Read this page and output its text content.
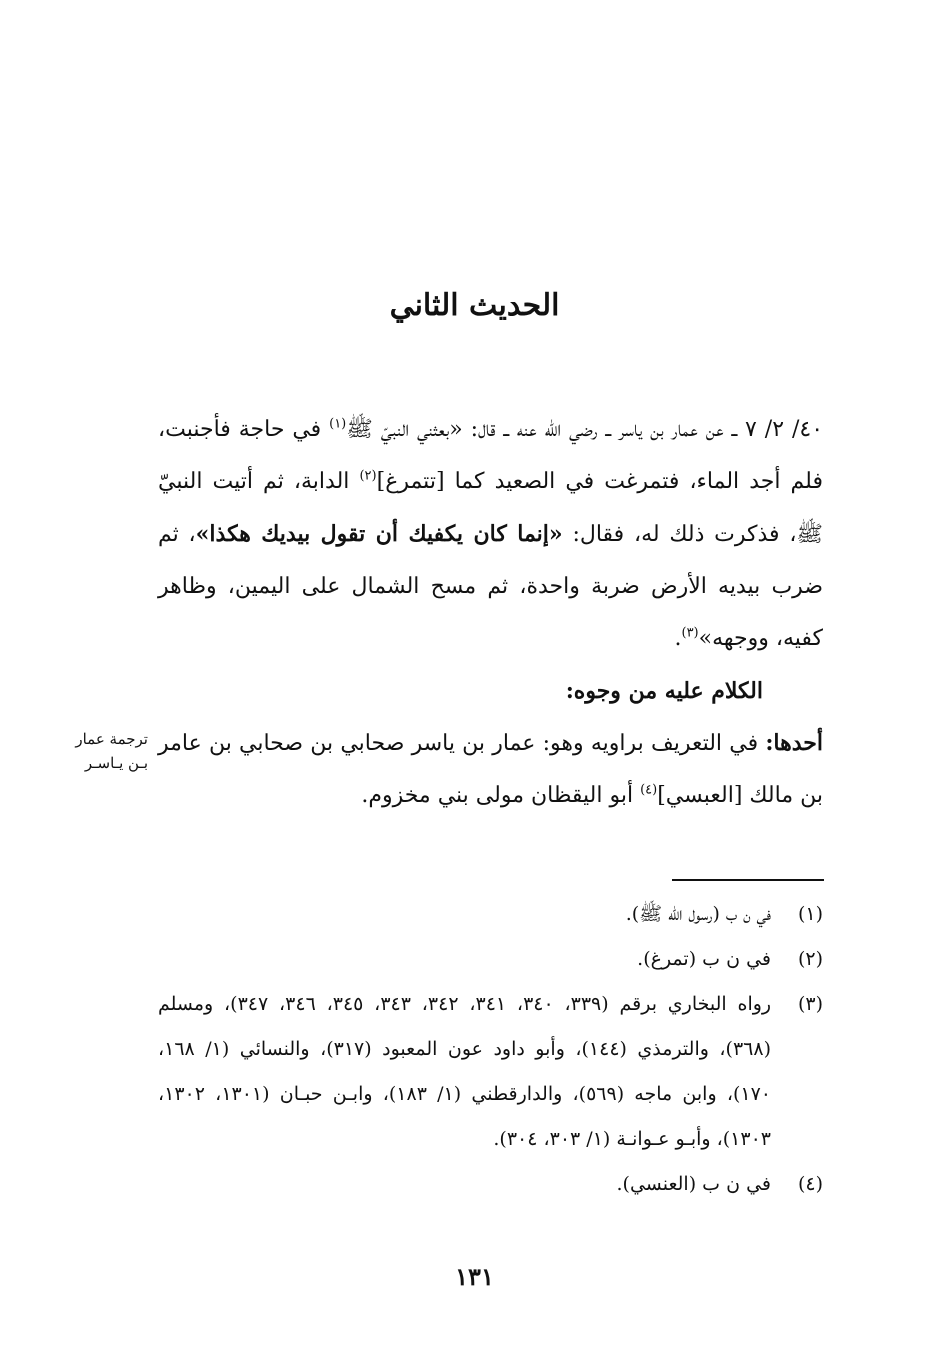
الحديث الثاني

٤٠/ ٢/ ٧ ــ عن عمار بن ياسر ــ رضي الله عنه ــ قال: «بعثني النبيّ ﷺ$^{(١)}$ في حاجة فأجنبت، فلم أجد الماء، فتمرغت في الصعيد كما [تتمرغ]$^{(٢)}$ الدابة، ثم أتيت النبيّ ﷺ، فذكرت ذلك له، فقال: «إنما كان يكفيك أن تقول بيديك هكذا»، ثم ضرب بيديه الأرض ضربة واحدة، ثم مسح الشمال على اليمين، وظاهر كفيه، ووجهه»$^{(٣)}$.

الكلام عليه من وجوه:

أحدها: في التعريف براويه وهو: عمار بن ياسر صحابي بن صحابي بن عامر بن مالك [العبسي]$^{(٤)}$ أبو اليقظان مولى بني مخزوم.

ترجمة عمار
بـن يـاسـر
(١)
في ن ب (رسول الله ﷺ).
(٢)
في ن ب (تمرغ).
(٣)
رواه البخاري برقم (٣٣٩، ٣٤٠، ٣٤١، ٣٤٢، ٣٤٣، ٣٤٥، ٣٤٦، ٣٤٧)، ومسلم (٣٦٨)، والترمذي (١٤٤)، وأبو داود عون المعبود (٣١٧)، والنسائي (١/ ١٦٨، ١٧٠)، وابن ماجه (٥٦٩)، والدارقطني (١/ ١٨٣)، وابـن حبـان (١٣٠١، ١٣٠٢، ١٣٠٣)، وأبـو عـوانـة (١/ ٣٠٣، ٣٠٤).
(٤)
في ن ب (العنسي).
١٣١
